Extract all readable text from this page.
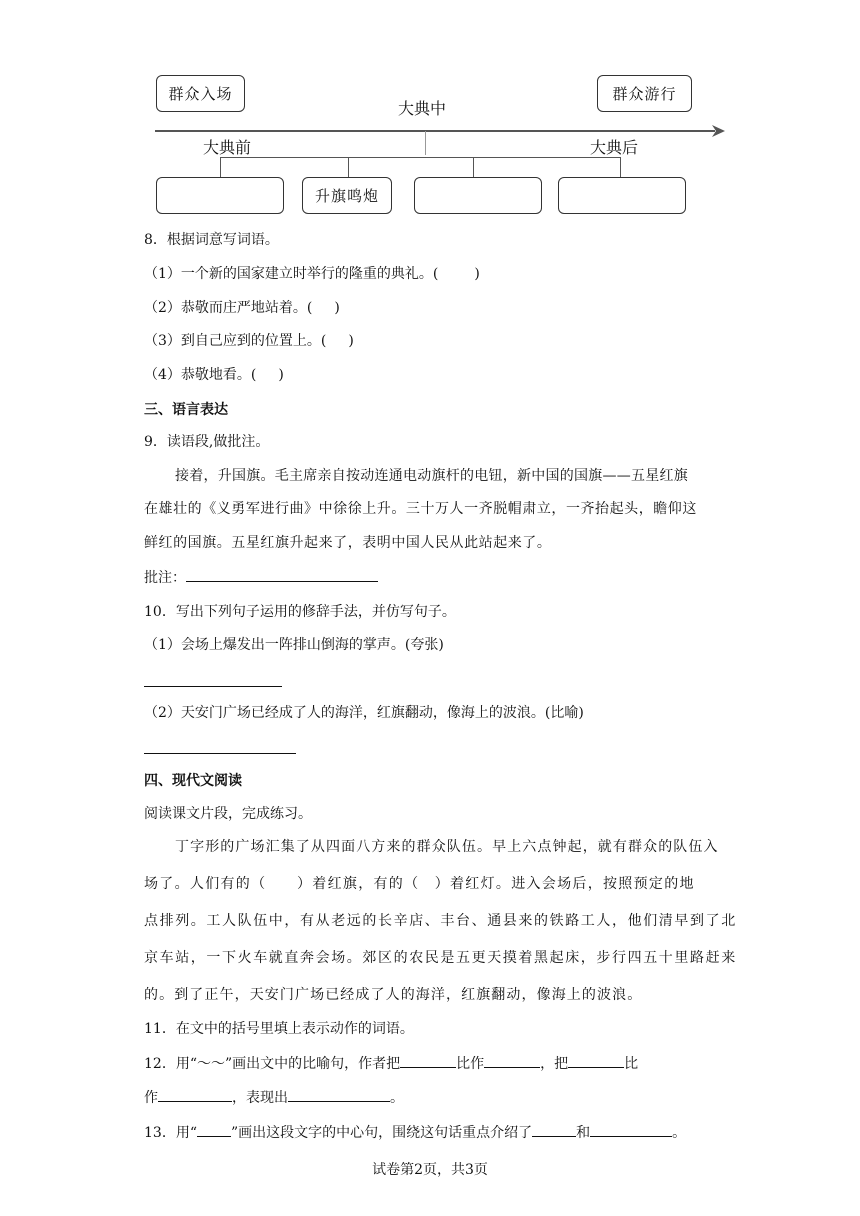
群众入场	群众游行
大典中
大典前	大典后
升旗鸣炮
8．根据词意写词语。
（1）一个新的国家建立时举行的隆重的典礼。(	)
（2）恭敬而庄严地站着。( )
（3）到自己应到的位置上。( )
（4）恭敬地看。( )
三、语言表达
9．读语段,做批注。
接着，升国旗。毛主席亲自按动连通电动旗杆的电钮，新中国的国旗——五星红旗
在雄壮的《义勇军进行曲》中徐徐上升。三十万人一齐脱帽肃立，一齐抬起头，瞻仰这
鲜红的国旗。五星红旗升起来了，表明中国人民从此站起来了。
批注：
10．写出下列句子运用的修辞手法，并仿写句子。
（1）会场上爆发出一阵排山倒海的掌声。(夸张)
（2）天安门广场已经成了人的海洋，红旗翻动，像海上的波浪。(比喻)
四、现代文阅读
阅读课文片段，完成练习。
丁字形的广场汇集了从四面八方来的群众队伍。早上六点钟起，就有群众的队伍入
场了。人们有的（　　）着红旗，有的（　）着红灯。进入会场后，按照预定的地
点排列。工人队伍中，有从老远的长辛店、丰台、通县来的铁路工人，他们清早到了北
京车站，一下火车就直奔会场。郊区的农民是五更天摸着黑起床，步行四五十里路赶来
的。到了正午，天安门广场已经成了人的海洋，红旗翻动，像海上的波浪。
11．在文中的括号里填上表示动作的词语。
12．用“～～”画出文中的比喻句，作者把	比作	，把	比
作	，表现出	。
13．用“ ”画出这段文字的中心句，围绕这句话重点介绍了	和	。
试卷第2页，共3页
